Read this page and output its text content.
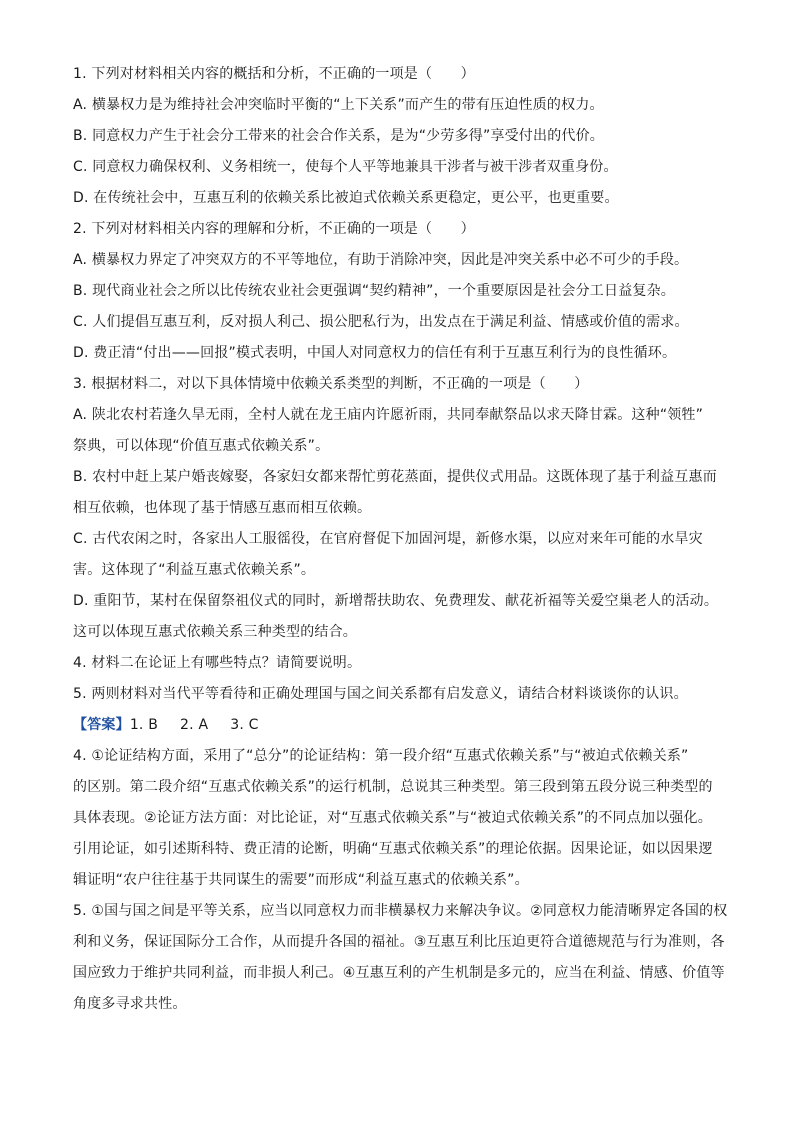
1. 下列对材料相关内容的概括和分析，不正确的一项是（　　）
A. 横暴权力是为维持社会冲突临时平衡的“上下关系”而产生的带有压迫性质的权力。
B. 同意权力产生于社会分工带来的社会合作关系，是为“少劳多得”享受付出的代价。
C. 同意权力确保权利、义务相统一，使每个人平等地兼具干涉者与被干涉者双重身份。
D. 在传统社会中，互惠互利的依赖关系比被迫式依赖关系更稳定，更公平，也更重要。
2. 下列对材料相关内容的理解和分析，不正确的一项是（　　）
A. 横暴权力界定了冲突双方的不平等地位，有助于消除冲突，因此是冲突关系中必不可少的手段。
B. 现代商业社会之所以比传统农业社会更强调“契约精神”，一个重要原因是社会分工日益复杂。
C. 人们提倡互惠互利，反对损人利己、损公肥私行为，出发点在于满足利益、情感或价值的需求。
D. 费正清“付出——回报”模式表明，中国人对同意权力的信任有利于互惠互利行为的良性循环。
3. 根据材料二，对以下具体情境中依赖关系类型的判断，不正确的一项是（　　）
A. 陕北农村若逢久旱无雨，全村人就在龙王庙内许愿祈雨，共同奉献祭品以求天降甘霖。这种“领牲”
祭典，可以体现“价值互惠式依赖关系”。
B. 农村中赶上某户婚丧嫁娶，各家妇女都来帮忙剪花蒸面，提供仪式用品。这既体现了基于利益互惠而
相互依赖，也体现了基于情感互惠而相互依赖。
C. 古代农闲之时，各家出人工服徭役，在官府督促下加固河堤，新修水渠，以应对来年可能的水旱灾
害。这体现了“利益互惠式依赖关系”。
D. 重阳节，某村在保留祭祖仪式的同时，新增帮扶助农、免费理发、献花祈福等关爱空巢老人的活动。
这可以体现互惠式依赖关系三种类型的结合。
4. 材料二在论证上有哪些特点？请简要说明。
5. 两则材料对当代平等看待和正确处理国与国之间关系都有启发意义，请结合材料谈谈你的认识。
【答案】1. B 2. A 3. C
4. ①论证结构方面，采用了“总分”的论证结构：第一段介绍“互惠式依赖关系”与“被迫式依赖关系”
的区别。第二段介绍“互惠式依赖关系”的运行机制，总说其三种类型。第三段到第五段分说三种类型的
具体表现。②论证方法方面：对比论证，对“互惠式依赖关系”与“被迫式依赖关系”的不同点加以强化。
引用论证，如引述斯科特、费正清的论断，明确“互惠式依赖关系”的理论依据。因果论证，如以因果逻
辑证明“农户往往基于共同谋生的需要”而形成“利益互惠式的依赖关系”。
5. ①国与国之间是平等关系，应当以同意权力而非横暴权力来解决争议。②同意权力能清晰界定各国的权
利和义务，保证国际分工合作，从而提升各国的福祉。③互惠互利比压迫更符合道德规范与行为准则，各
国应致力于维护共同利益，而非损人利己。④互惠互利的产生机制是多元的，应当在利益、情感、价值等
角度多寻求共性。
